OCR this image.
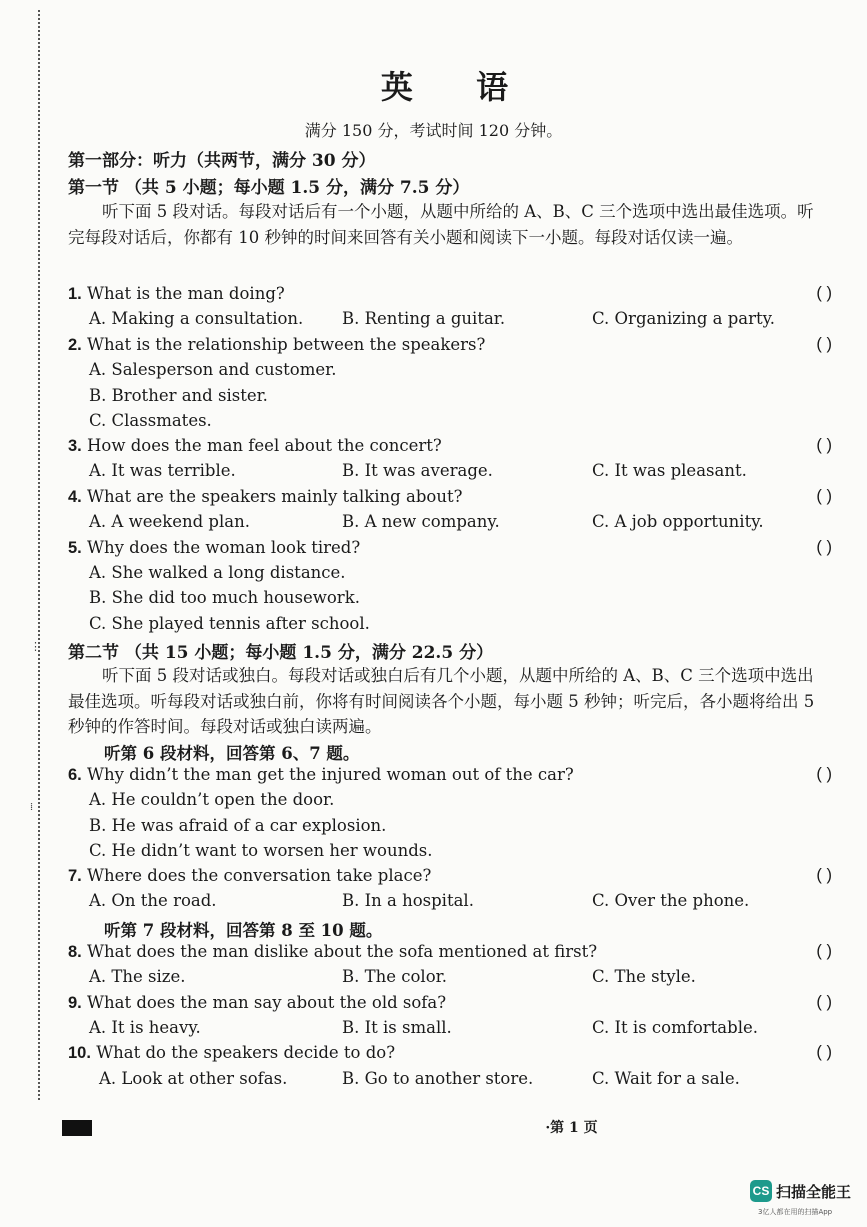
⋮
⁞
英 语
满分 150 分，考试时间 120 分钟。
第一部分：听力（共两节，满分 30 分）
第一节 （共 5 小题；每小题 1.5 分，满分 7.5 分）
听下面 5 段对话。每段对话后有一个小题，从题中所给的 A、B、C 三个选项中选出最佳选项。听完每段对话后，你都有 10 秒钟的时间来回答有关小题和阅读下一小题。每段对话仅读一遍。
1. What is the man doing?	( )
A. Making a consultation. B. Renting a guitar.	C. Organizing a party.
2. What is the relationship between the speakers?	( )
A. Salesperson and customer.
B. Brother and sister.
C. Classmates.
3. How does the man feel about the concert?	( )
A. It was terrible.	B. It was average.	C. It was pleasant.
4. What are the speakers mainly talking about?	( )
A. A weekend plan.	B. A new company.	C. A job opportunity.
5. Why does the woman look tired?	( )
A. She walked a long distance.
B. She did too much housework.
C. She played tennis after school.
第二节 （共 15 小题；每小题 1.5 分，满分 22.5 分）
听下面 5 段对话或独白。每段对话或独白后有几个小题，从题中所给的 A、B、C 三个选项中选出最佳选项。听每段对话或独白前，你将有时间阅读各个小题，每小题 5 秒钟；听完后，各小题将给出 5 秒钟的作答时间。每段对话或独白读两遍。
听第 6 段材料，回答第 6、7 题。
6. Why didn’t the man get the injured woman out of the car?	( )
A. He couldn’t open the door.
B. He was afraid of a car explosion.
C. He didn’t want to worsen her wounds.
7. Where does the conversation take place?	( )
A. On the road.	B. In a hospital.	C. Over the phone.
听第 7 段材料，回答第 8 至 10 题。
8. What does the man dislike about the sofa mentioned at first?	( )
A. The size.	B. The color.	C. The style.
9. What does the man say about the old sofa?	( )
A. It is heavy.	B. It is small.	C. It is comfortable.
10. What do the speakers decide to do?	( )
A. Look at other sofas.	B. Go to another store.	C. Wait for a sale.
·第 1 页
CS 扫描全能王
3亿人都在用的扫描App
